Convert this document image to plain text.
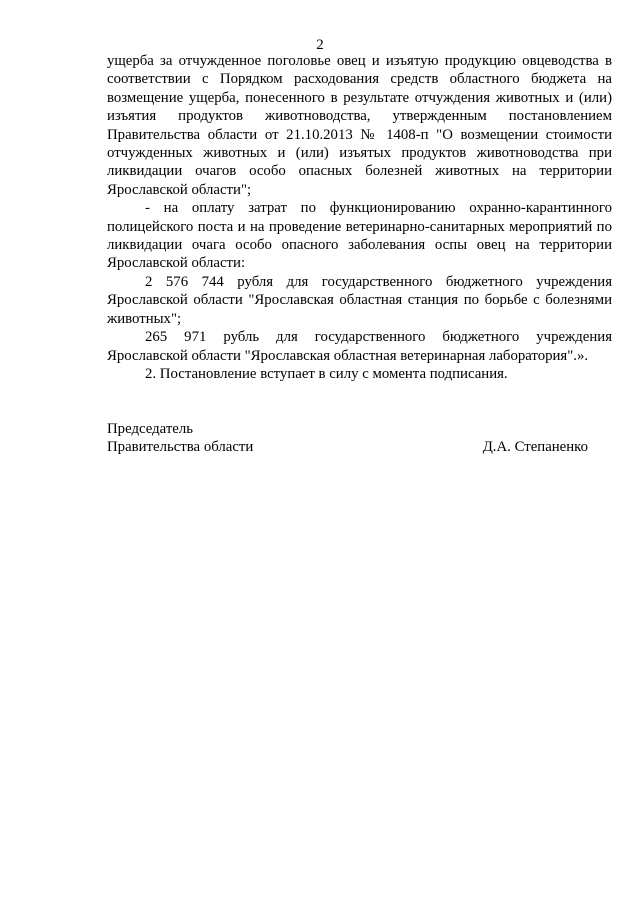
2

ущерба за отчужденное поголовье овец и изъятую продукцию овцеводства в соответствии с Порядком расходования средств областного бюджета на возмещение ущерба, понесенного в результате отчуждения животных и (или) изъятия продуктов животноводства, утвержденным постановлением Правительства области от 21.10.2013 № 1408-п "О возмещении стоимости отчужденных животных и (или) изъятых продуктов животноводства при ликвидации очагов особо опасных болезней животных на территории Ярославской области";

- на оплату затрат по функционированию охранно-карантинного полицейского поста и на проведение ветеринарно-санитарных мероприятий по ликвидации очага особо опасного заболевания оспы овец на территории Ярославской области:

2 576 744 рубля для государственного бюджетного учреждения Ярославской области "Ярославская областная станция по борьбе с болезнями животных";

265 971 рубль для государственного бюджетного учреждения Ярославской области "Ярославская областная ветеринарная лаборатория".».

2. Постановление вступает в силу с момента подписания.

Председатель
Правительства области	Д.А. Степаненко
